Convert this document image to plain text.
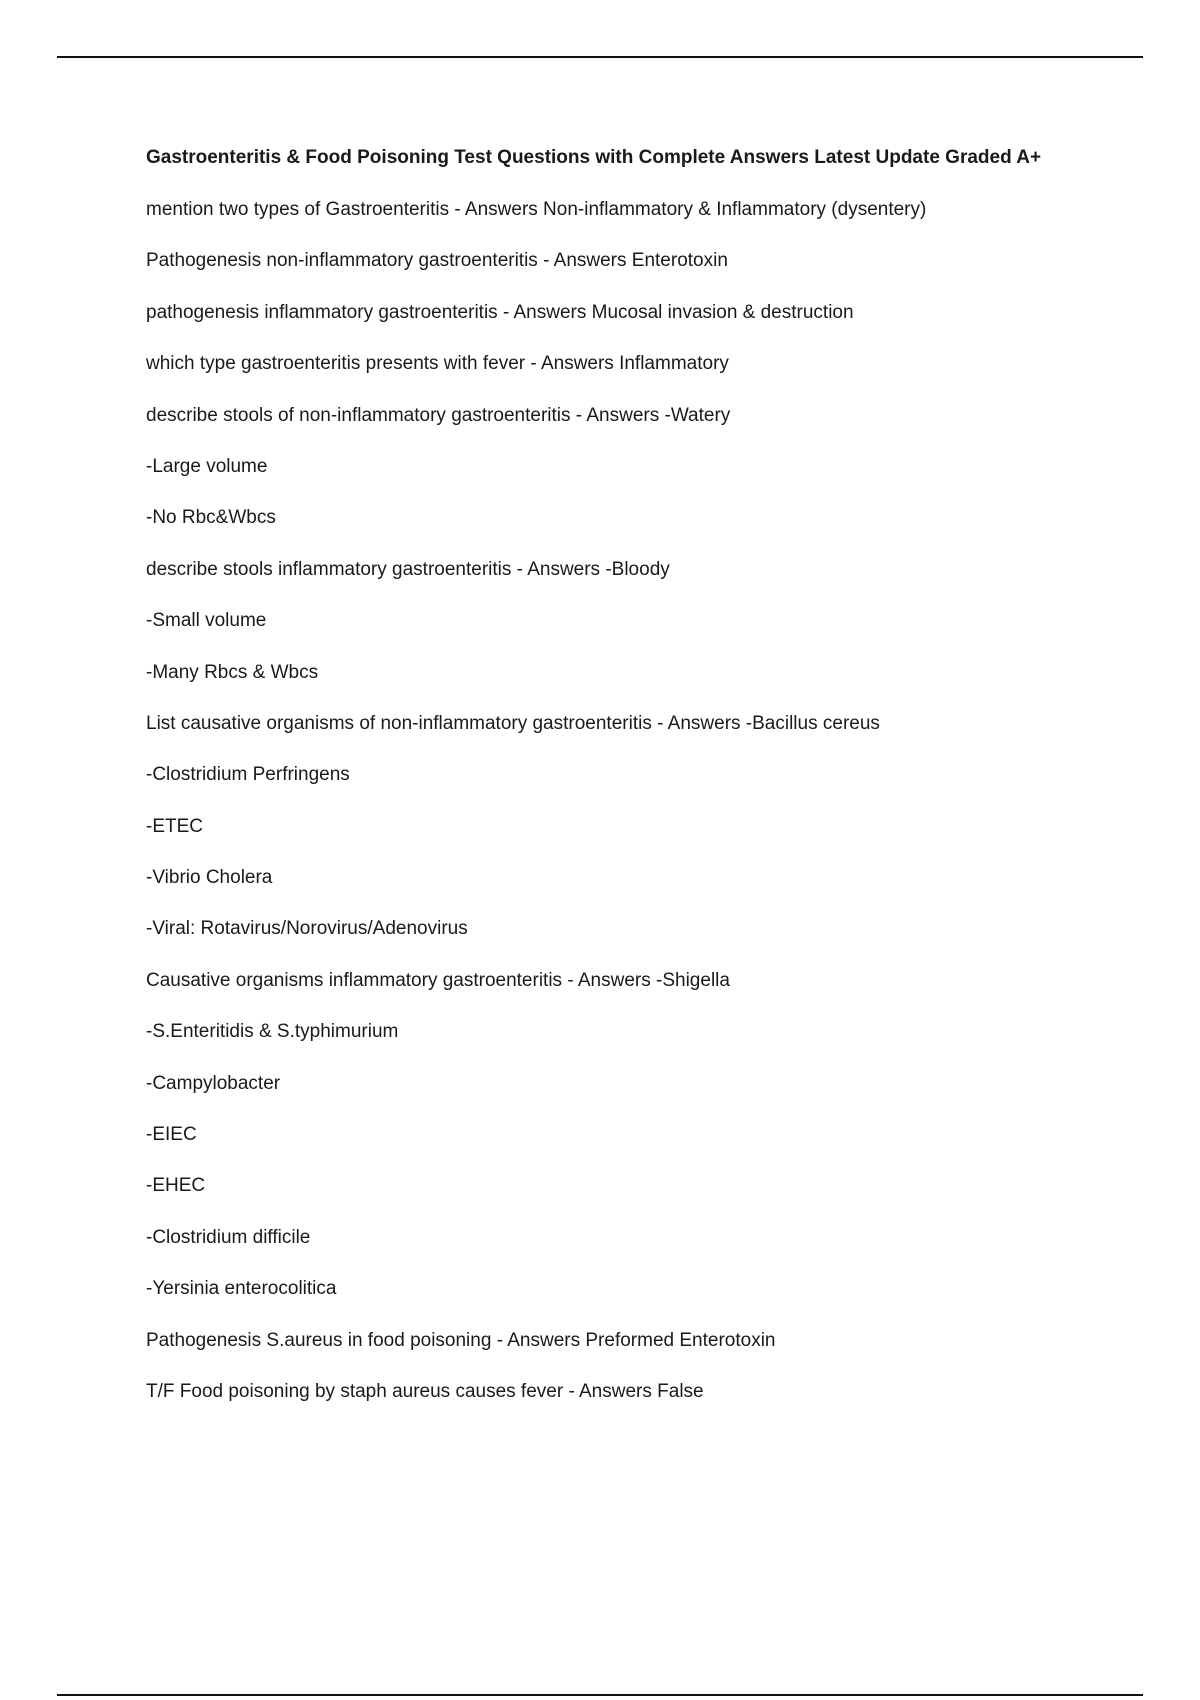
Gastroenteritis & Food Poisoning Test Questions with Complete Answers Latest Update Graded A+
mention two types of Gastroenteritis - Answers Non-inflammatory & Inflammatory (dysentery)
Pathogenesis non-inflammatory gastroenteritis - Answers Enterotoxin
pathogenesis inflammatory gastroenteritis - Answers Mucosal invasion & destruction
which type gastroenteritis presents with fever - Answers Inflammatory
describe stools of non-inflammatory gastroenteritis - Answers -Watery
-Large volume
-No Rbc&Wbcs
describe stools inflammatory gastroenteritis - Answers -Bloody
-Small volume
-Many Rbcs & Wbcs
List causative organisms of non-inflammatory gastroenteritis - Answers -Bacillus cereus
-Clostridium Perfringens
-ETEC
-Vibrio Cholera
-Viral: Rotavirus/Norovirus/Adenovirus
Causative organisms inflammatory gastroenteritis - Answers -Shigella
-S.Enteritidis & S.typhimurium
-Campylobacter
-EIEC
-EHEC
-Clostridium difficile
-Yersinia enterocolitica
Pathogenesis S.aureus in food poisoning - Answers Preformed Enterotoxin
T/F Food poisoning by staph aureus causes fever - Answers False
